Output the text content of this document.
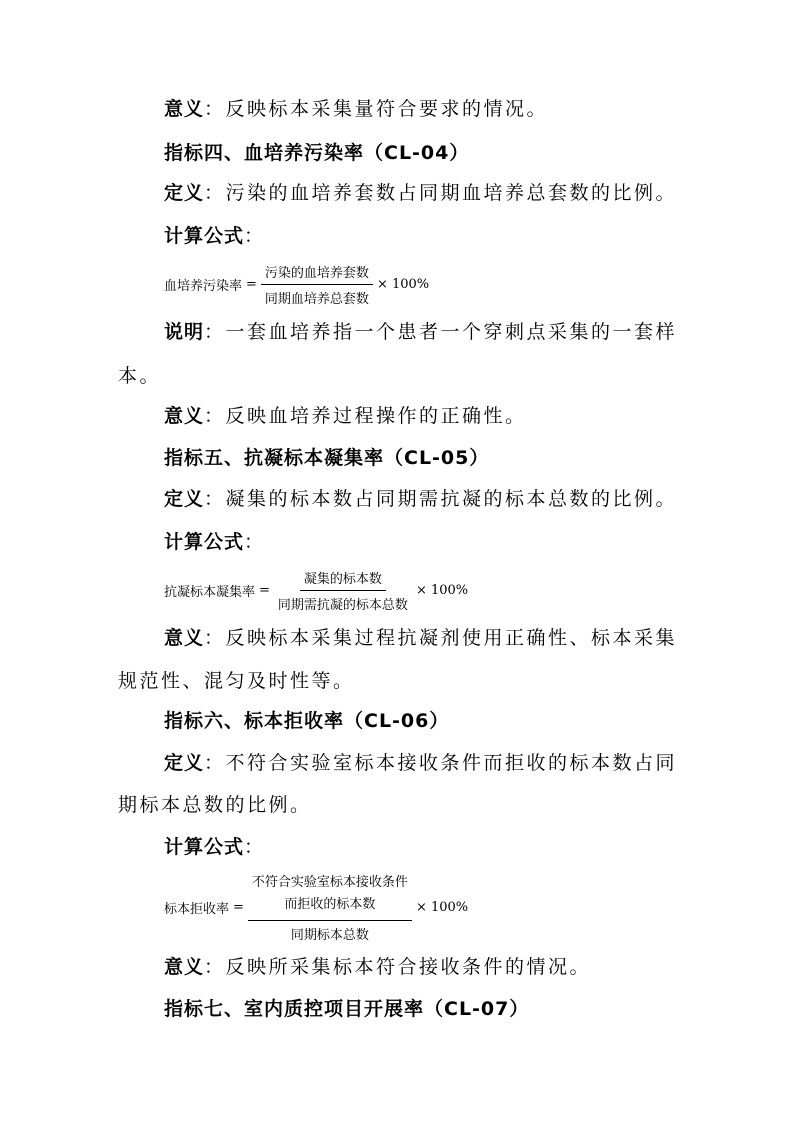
意义：反映标本采集量符合要求的情况。
指标四、血培养污染率（CL-04）
定义：污染的血培养套数占同期血培养总套数的比例。
计算公式：
血培养污染率 = $\frac{\text{污染的血培养套数}}{\text{同期血培养总套数}} \times 100\%$
说明：一套血培养指一个患者一个穿刺点采集的一套样
本。
意义：反映血培养过程操作的正确性。
指标五、抗凝标本凝集率（CL-05）
定义：凝集的标本数占同期需抗凝的标本总数的比例。
计算公式：
抗凝标本凝集率 = $\frac{\text{凝集的标本数}}{\text{同期需抗凝的标本总数}} \times 100\%$
意义：反映标本采集过程抗凝剂使用正确性、标本采集
规范性、混匀及时性等。
指标六、标本拒收率（CL-06）
定义：不符合实验室标本接收条件而拒收的标本数占同
期标本总数的比例。
计算公式：
标本拒收率 = 不符合实验室标本接收条件
而拒收的标本数
同期标本总数 × 100%
意义：反映所采集标本符合接收条件的情况。
指标七、室内质控项目开展率（CL-07）
